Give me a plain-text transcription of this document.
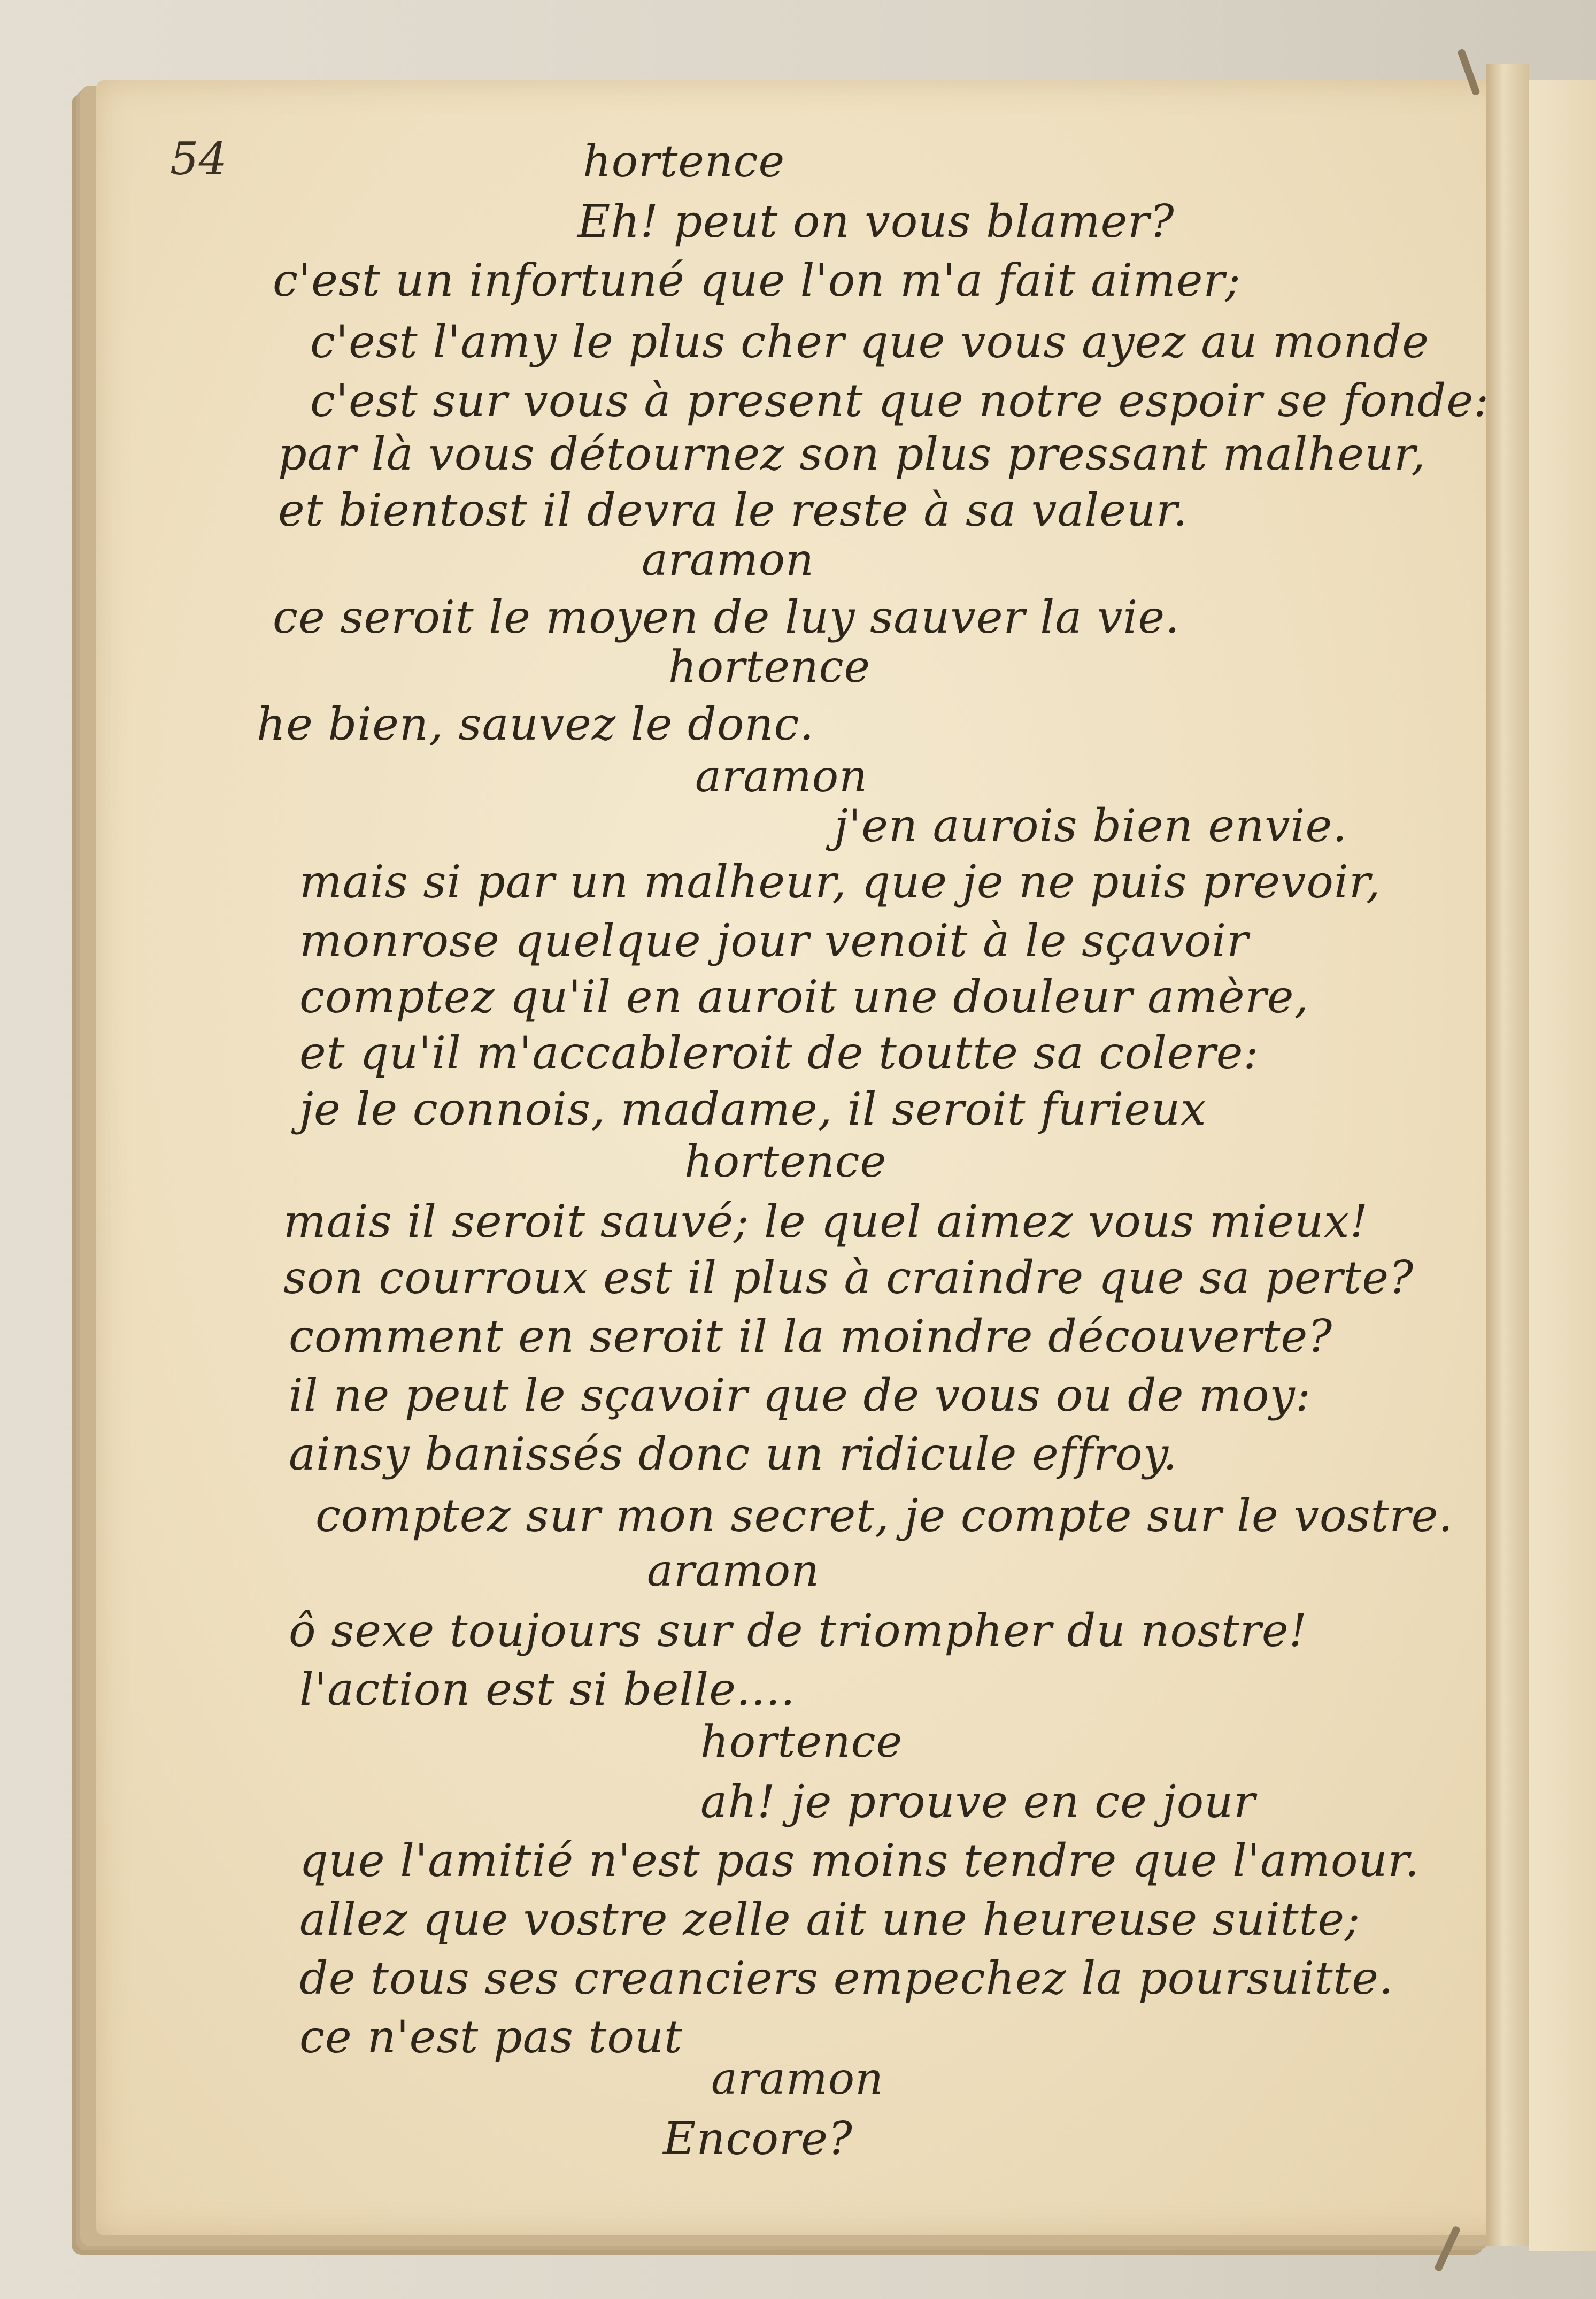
54	hortence
Eh! peut on vous blamer?
c'est un infortuné que l'on m'a fait aimer;
c'est l'amy le plus cher que vous ayez au monde
c'est sur vous à present que notre espoir se fonde:
par là vous détournez son plus pressant malheur,
et bientost il devra le reste à sa valeur.
aramon
ce seroit le moyen de luy sauver la vie.
hortence
he bien, sauvez le donc.
aramon
j'en aurois bien envie.
mais si par un malheur, que je ne puis prevoir,
monrose quelque jour venoit à le sçavoir
comptez qu'il en auroit une douleur amère,
et qu'il m'accableroit de toutte sa colere:
je le connois, madame, il seroit furieux
hortence
mais il seroit sauvé; le quel aimez vous mieux!
son courroux est il plus à craindre que sa perte?
comment en seroit il la moindre découverte?
il ne peut le sçavoir que de vous ou de moy:
ainsy banissés donc un ridicule effroy.
comptez sur mon secret, je compte sur le vostre.
aramon
ô sexe toujours sur de triompher du nostre!
l'action est si belle....
hortence
ah! je prouve en ce jour
que l'amitié n'est pas moins tendre que l'amour.
allez que vostre zelle ait une heureuse suitte;
de tous ses creanciers empechez la poursuitte.
ce n'est pas tout
aramon
Encore?
